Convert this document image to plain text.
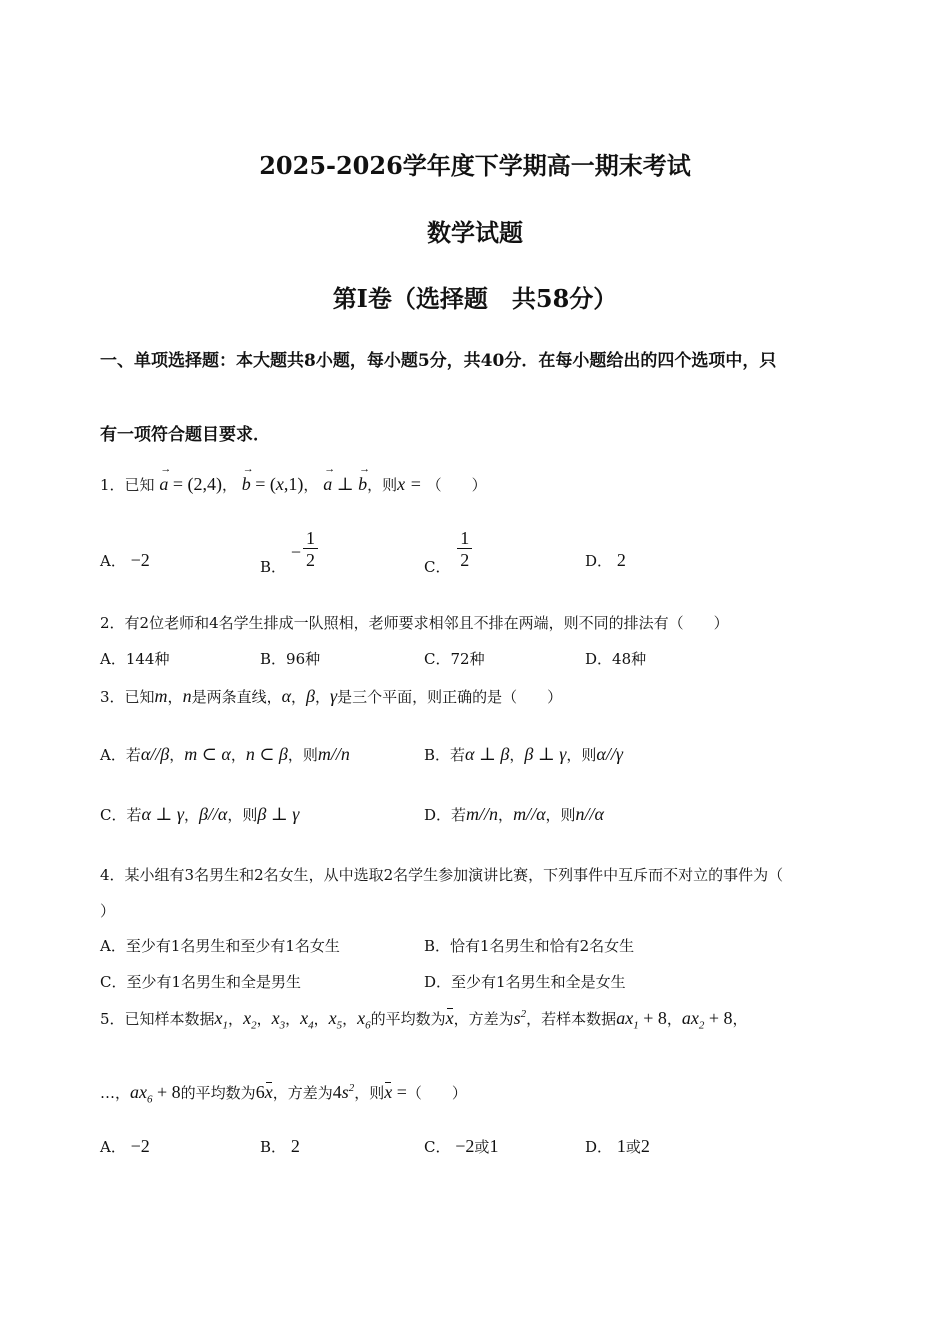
2025-2026学年度下学期高一期末考试
数学试题
第Ⅰ卷（选择题　共58分）
一、单项选择题：本大题共8小题，每小题5分，共40分．在每小题给出的四个选项中，只
有一项符合题目要求．
1．已知 → a = (2,4)， → b = (x,1)， → a ⊥ → b，则x = （　　）
A． −2	B． − $\frac{1}{2}$	C． $\frac{1}{2}$	D． 2
2．有2位老师和4名学生排成一队照相，老师要求相邻且不排在两端，则不同的排法有（　　）
A．144种	B．96种	C．72种	D．48种
3．已知m，n是两条直线，α，β，γ是三个平面，则正确的是（　　）
A．若α//β，m ⊂ α，n ⊂ β，则m//n	B．若α ⊥ β，β ⊥ γ，则α//γ
C．若α ⊥ γ，β//α，则β ⊥ γ	D．若m//n，m//α，则n//α
4．某小组有3名男生和2名女生，从中选取2名学生参加演讲比赛，下列事件中互斥而不对立的事件为（
）
A．至少有1名男生和至少有1名女生	B．恰有1名男生和恰有2名女生
C．至少有1名男生和全是男生	D．至少有1名男生和全是女生
5．已知样本数据$x_1$，$x_2$，$x_3$，$x_4$，$x_5$，$x_6$的平均数为x，方差为$s^2$，若样本数据$ax_1 + 8$，$ax_2 + 8$，
…，$ax_6 + 8$的平均数为6x，方差为$4s^2$，则x =（　　）
A． −2	B． 2	C． −2或1	D． 1或2
